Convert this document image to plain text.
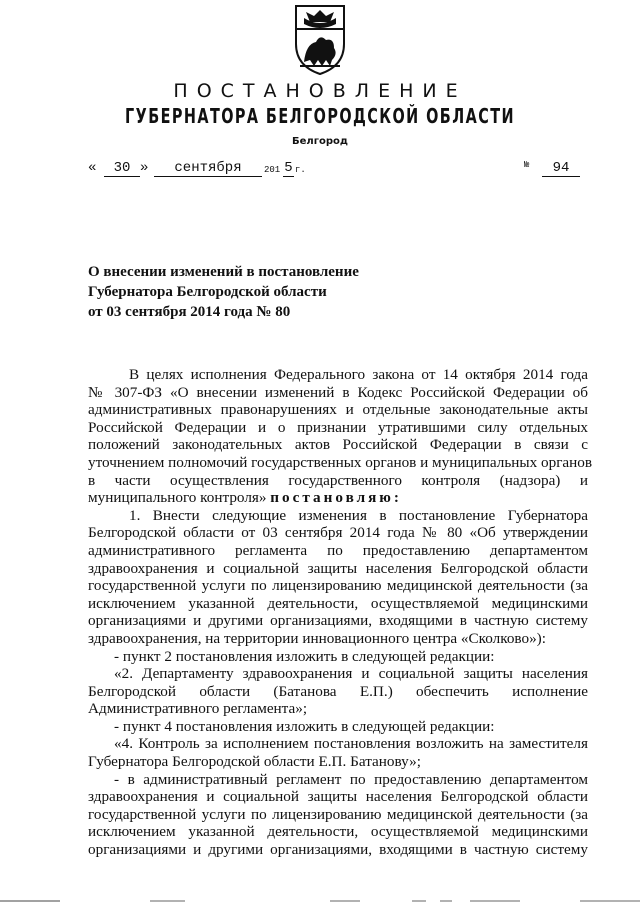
ПОСТАНОВЛЕНИЕ
ГУБЕРНАТОРА БЕЛГОРОДСКОЙ ОБЛАСТИ
Белгород
«	30 »	сентября	201 5 г.	№	94
О внесении изменений в постановление
Губернатора Белгородской области
от 03 сентября 2014 года № 80
В целях исполнения Федерального закона от 14 октября 2014 года
№ 307-ФЗ «О внесении изменений в Кодекс Российской Федерации об
административных правонарушениях и отдельные законодательные акты
Российской Федерации и о признании утратившими силу отдельных
положений законодательных актов Российской Федерации в связи с
уточнением полномочий государственных органов и муниципальных органов
в части осуществления государственного контроля (надзора) и
муниципального контроля» постановляю:
1. Внести следующие изменения в постановление Губернатора
Белгородской области от 03 сентября 2014 года № 80 «Об утверждении
административного регламента по предоставлению департаментом
здравоохранения и социальной защиты населения Белгородской области
государственной услуги по лицензированию медицинской деятельности (за
исключением указанной деятельности, осуществляемой медицинскими
организациями и другими организациями, входящими в частную систему
здравоохранения, на территории инновационного центра «Сколково»):
- пункт 2 постановления изложить в следующей редакции:
«2. Департаменту здравоохранения и социальной защиты населения
Белгородской области (Батанова Е.П.) обеспечить исполнение
Административного регламента»;
- пункт 4 постановления изложить в следующей редакции:
«4. Контроль за исполнением постановления возложить на заместителя
Губернатора Белгородской области Е.П. Батанову»;
- в административный регламент по предоставлению департаментом
здравоохранения и социальной защиты населения Белгородской области
государственной услуги по лицензированию медицинской деятельности (за
исключением указанной деятельности, осуществляемой медицинскими
организациями и другими организациями, входящими в частную систему
